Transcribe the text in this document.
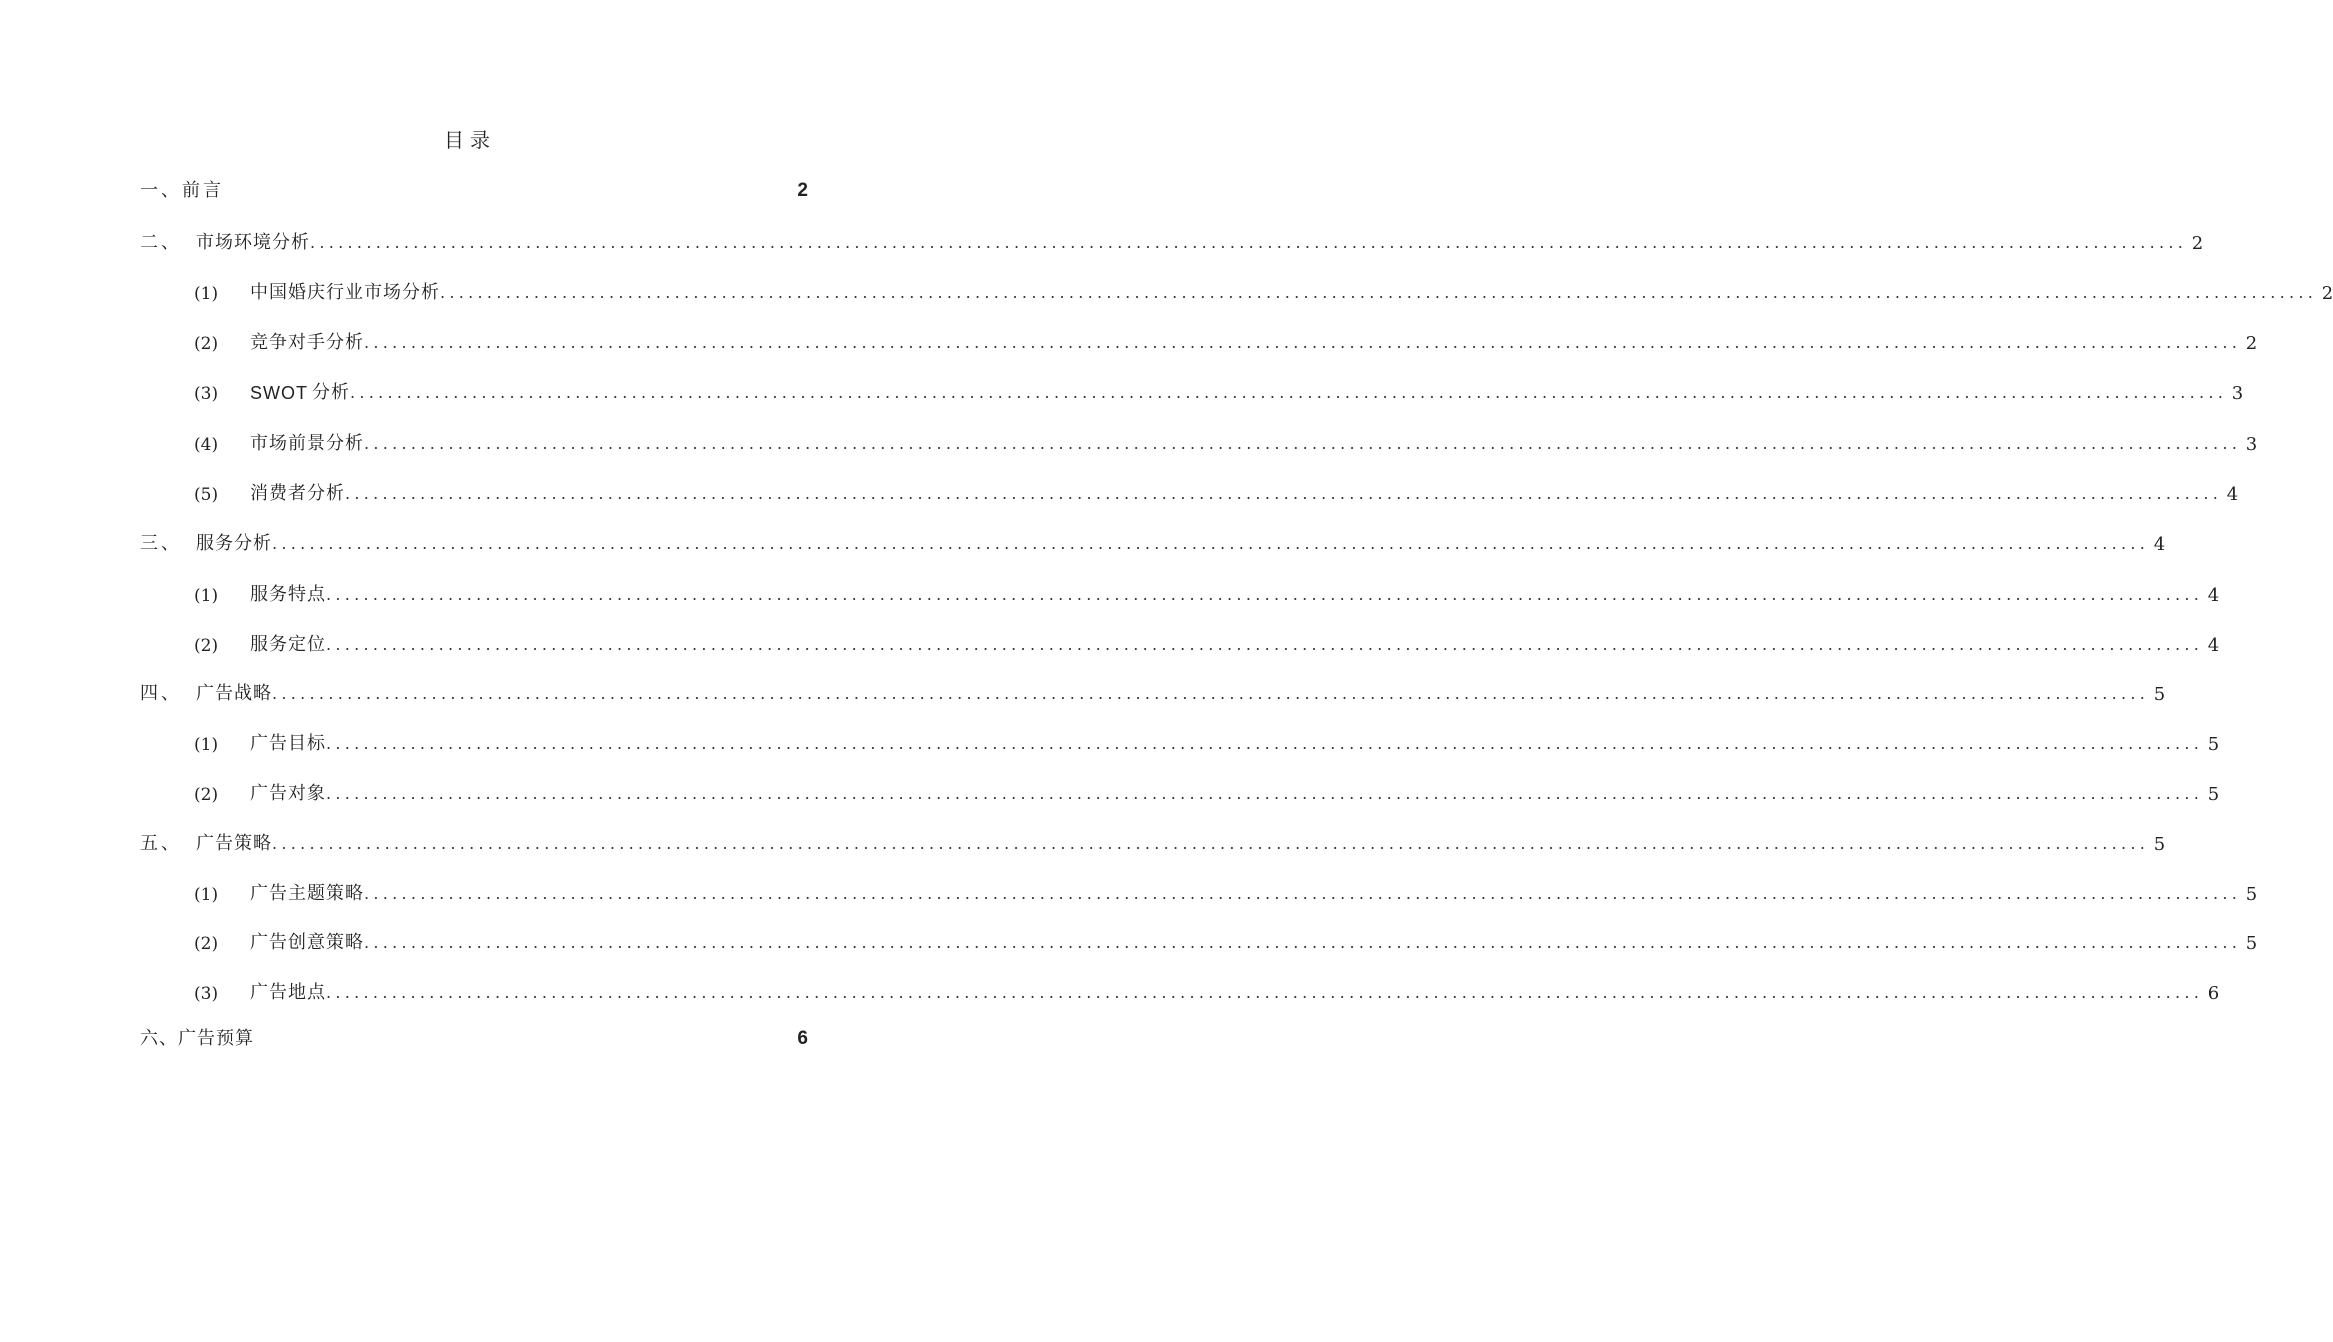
目录
一、 前言	2
二、 市场环境分析 ........................................................................................................................................................................................................ 2
(1)	中国婚庆行业市场分析 ........................................................................................................................................................................................................ 2
(2)	竞争对手分析 ........................................................................................................................................................................................................ 2
(3)	SWOT 分析 ........................................................................................................................................................................................................ 3
(4)	市场前景分析 ........................................................................................................................................................................................................ 3
(5)	消费者分析 ........................................................................................................................................................................................................ 4
三、 服务分析 ........................................................................................................................................................................................................ 4
(1)	服务特点 ........................................................................................................................................................................................................ 4
(2)	服务定位 ........................................................................................................................................................................................................ 4
四、 广告战略 ........................................................................................................................................................................................................ 5
(1)	广告目标 ........................................................................................................................................................................................................ 5
(2)	广告对象 ........................................................................................................................................................................................................ 5
五、 广告策略 ........................................................................................................................................................................................................ 5
(1)	广告主题策略 ........................................................................................................................................................................................................ 5
(2)	广告创意策略 ........................................................................................................................................................................................................ 5
(3)	广告地点 ........................................................................................................................................................................................................ 6
六、 广告预算	6
